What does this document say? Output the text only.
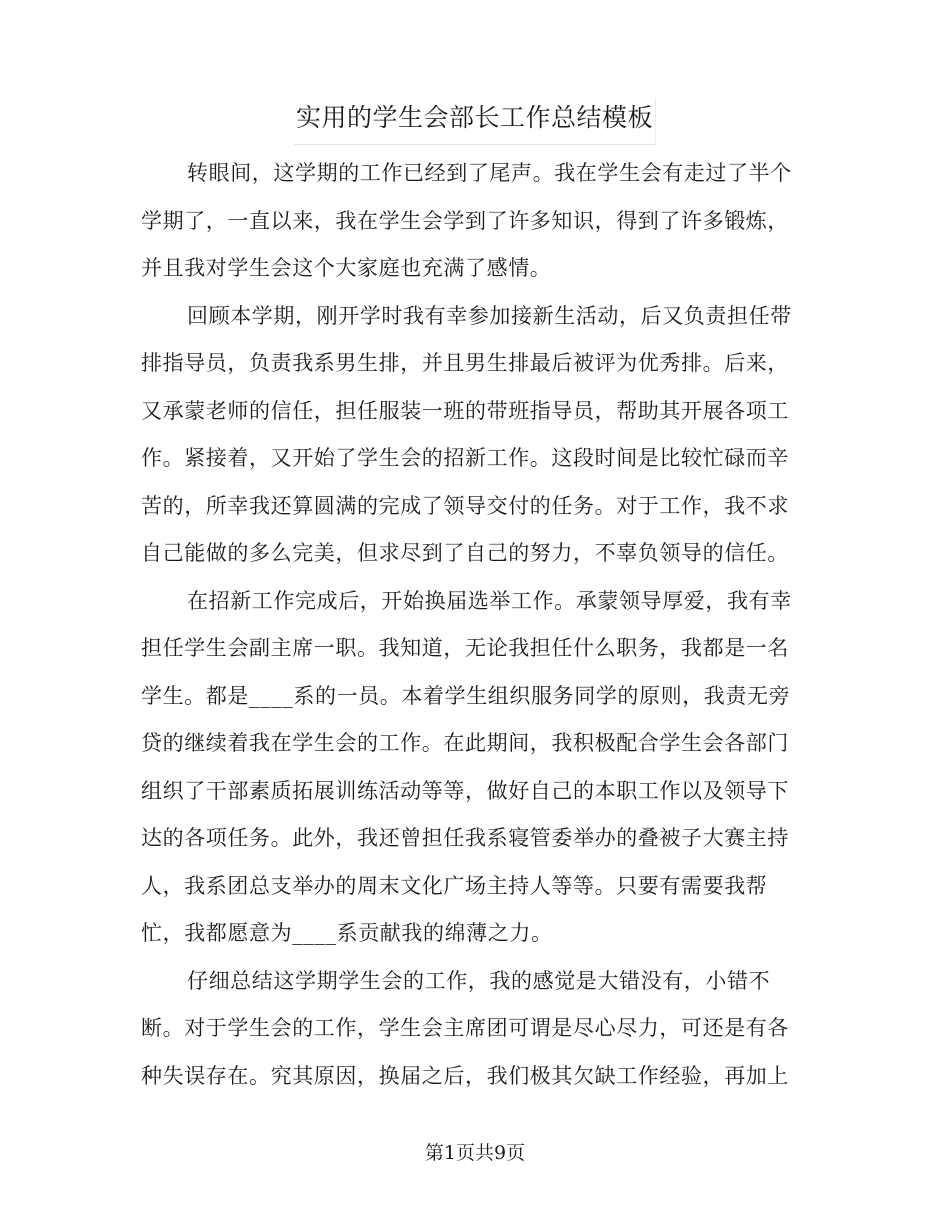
实用的学生会部长工作总结模板
转眼间，这学期的工作已经到了尾声。我在学生会有走过了半个
学期了，一直以来，我在学生会学到了许多知识，得到了许多锻炼，
并且我对学生会这个大家庭也充满了感情。
回顾本学期，刚开学时我有幸参加接新生活动，后又负责担任带
排指导员，负责我系男生排，并且男生排最后被评为优秀排。后来，
又承蒙老师的信任，担任服装一班的带班指导员，帮助其开展各项工
作。紧接着，又开始了学生会的招新工作。这段时间是比较忙碌而辛
苦的，所幸我还算圆满的完成了领导交付的任务。对于工作，我不求
自己能做的多么完美，但求尽到了自己的努力，不辜负领导的信任。
在招新工作完成后，开始换届选举工作。承蒙领导厚爱，我有幸
担任学生会副主席一职。我知道，无论我担任什么职务，我都是一名
学生。都是____系的一员。本着学生组织服务同学的原则，我责无旁
贷的继续着我在学生会的工作。在此期间，我积极配合学生会各部门
组织了干部素质拓展训练活动等等，做好自己的本职工作以及领导下
达的各项任务。此外，我还曾担任我系寝管委举办的叠被子大赛主持
人，我系团总支举办的周末文化广场主持人等等。只要有需要我帮
忙，我都愿意为____系贡献我的绵薄之力。
仔细总结这学期学生会的工作，我的感觉是大错没有，小错不
断。对于学生会的工作，学生会主席团可谓是尽心尽力，可还是有各
种失误存在。究其原因，换届之后，我们极其欠缺工作经验，再加上
第1页共9页
